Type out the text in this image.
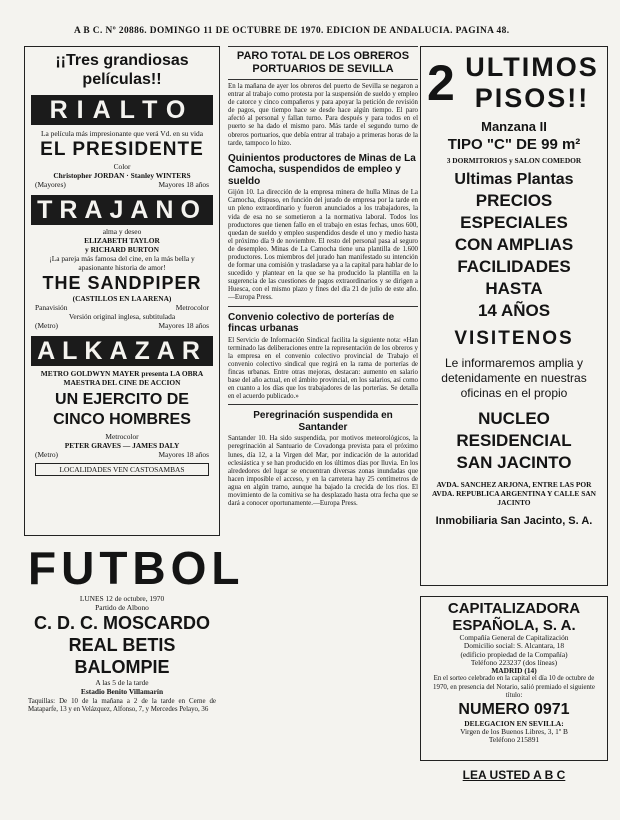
A B C. Nº 20886. DOMINGO 11 DE OCTUBRE DE 1970. EDICION DE ANDALUCIA. PAGINA 48.
¡¡Tres grandiosas películas!!
RIALTO
La película más impresionante que verá Vd. en su vida
EL PRESIDENTE
Color
Christopher JORDAN · Stanley WINTERS
(Mayores)	Mayores 18 años
TRAJANO
alma y deseo
ELIZABETH TAYLOR
y RICHARD BURTON
¡La pareja más famosa del cine, en la más bella y apasionante historia de amor!
THE SANDPIPER
(CASTILLOS EN LA ARENA)
Panavisión	Metrocolor
Versión original inglesa, subtitulada
(Metro)	Mayores 18 años
ALKAZAR
METRO GOLDWYN MAYER presenta LA OBRA MAESTRA DEL CINE DE ACCION
UN EJERCITO DE
CINCO HOMBRES
Metrocolor
PETER GRAVES — JAMES DALY
(Metro)	Mayores 18 años
LOCALIDADES VEN CASTOSAMBAS
FUTBOL
LUNES 12 de octubre, 1970
Partido de Albono
C. D. C. MOSCARDO
REAL BETIS BALOMPIE
A las 5 de la tarde
Estadio Benito Villamarín
Taquillas: De 10 de la mañana a 2 de la tarde en Cerne de Mataparfe, 13 y en Velázquez, Alfonso, 7, y Mercedes Pelayo, 36
PARO TOTAL DE LOS OBREROS PORTUARIOS DE SEVILLA
En la mañana de ayer los obreros del puerto de Sevilla se negaron a entrar al trabajo como protesta por la suspensión de sueldo y empleo de catorce y cinco compañeros y para apoyar la petición de revisión de pagos, que tiempo hace se desde hace algún tiempo. El paro afectó al personal y fallan turno. Para después y para todos en el puerto se ha dado el mismo paro. Más tarde el segundo turno de obreros portuarios, que debía entrar al trabajo a primeras horas de la tarde, tampoco lo hizo.
Quinientos productores de Minas de La Camocha, suspendidos de empleo y sueldo
Gijón 10. La dirección de la empresa minera de hulla Minas de La Camocha, dispuso, en función del jurado de empresa por la tarde en un pleno extraordinario y fueron anunciados a los trabajadores, la vida de esa no se sometieron a la normativa laboral. Todos los productores que tienen fallo en el trabajo en estas fechas, unos 600, quedan de sueldo y empleo suspendidos desde el uno y medio hasta el próximo día 9 de noviembre. El resto del personal pasa al seguro de desempleo. Minas de La Camocha tiene una plantilla de 1.600 productores. Los miembros del jurado han manifestado su intención de formar una comisión y trasladarse ya a la capital para hablar de lo sucedido y plantear en la que se ha producido la plantilla en la sugerencia de las cuestiones de pagos extraordinarios y se dirigen a Huesca, con el mismo plazo y fines del día 21 de julio de este año.—Europa Press.
Convenio colectivo de porterías de fincas urbanas
El Servicio de Información Sindical facilita la siguiente nota: «Han terminado las deliberaciones entre la representación de los obreros y la empresa en el convenio colectivo provincial de Trabajo el convenio colectivo sindical que regirá en la rama de porterías de fincas urbanas. Entre otras mejoras, destacan: aumento en salario base del año actual, en el ámbito provincial, en los salarios, así como en cuanto a los días que los trabajadores de las porterías. Se detalla en el acuerdo publicado.»
Peregrinación suspendida en Santander
Santander 10. Ha sido suspendida, por motivos meteorológicos, la peregrinación al Santuario de Covadonga prevista para el próximo lunes, día 12, a la Virgen del Mar, por indicación de la autoridad eclesiástica y se han producido en los últimos días por lluvia. En los alrededores del lugar se encuentran diversas zonas inundadas que hacen imposible el acceso, y en la carretera hay 25 centímetros de agua en algún tramo, aunque ha bajado la crecida de los ríos. El movimiento de la comitiva se ha desplazado hasta otra fecha que se dará a conocer oportunamente.—Europa Press.
2 ULTIMOS
PISOS!!
Manzana II
TIPO "C" DE 99 m²
3 DORMITORIOS y SALON COMEDOR
Ultimas Plantas
PRECIOS ESPECIALES
CON AMPLIAS
FACILIDADES HASTA
14 AÑOS
VISITENOS
Le informaremos amplia y detenidamente en nuestras oficinas en el propio
NUCLEO RESIDENCIAL
SAN JACINTO
AVDA. SANCHEZ ARJONA, ENTRE LAS POR AVDA. REPUBLICA ARGENTINA Y CALLE SAN JACINTO
Inmobiliaria San Jacinto, S. A.
CAPITALIZADORA
ESPAÑOLA, S. A.
Compañía General de Capitalización
Domicilio social: S. Alcantara, 18
(edificio propiedad de la Compañía)
Teléfono 223237 (dos líneas)
MADRID (14)
En el sorteo celebrado en la capital el día 10 de octubre de 1970, en presencia del Notario, salió premiado el siguiente título:
NUMERO 0971
DELEGACION EN SEVILLA:
Virgen de los Buenos Libres, 3, 1º B
Teléfono 215891
LEA USTED A B C
